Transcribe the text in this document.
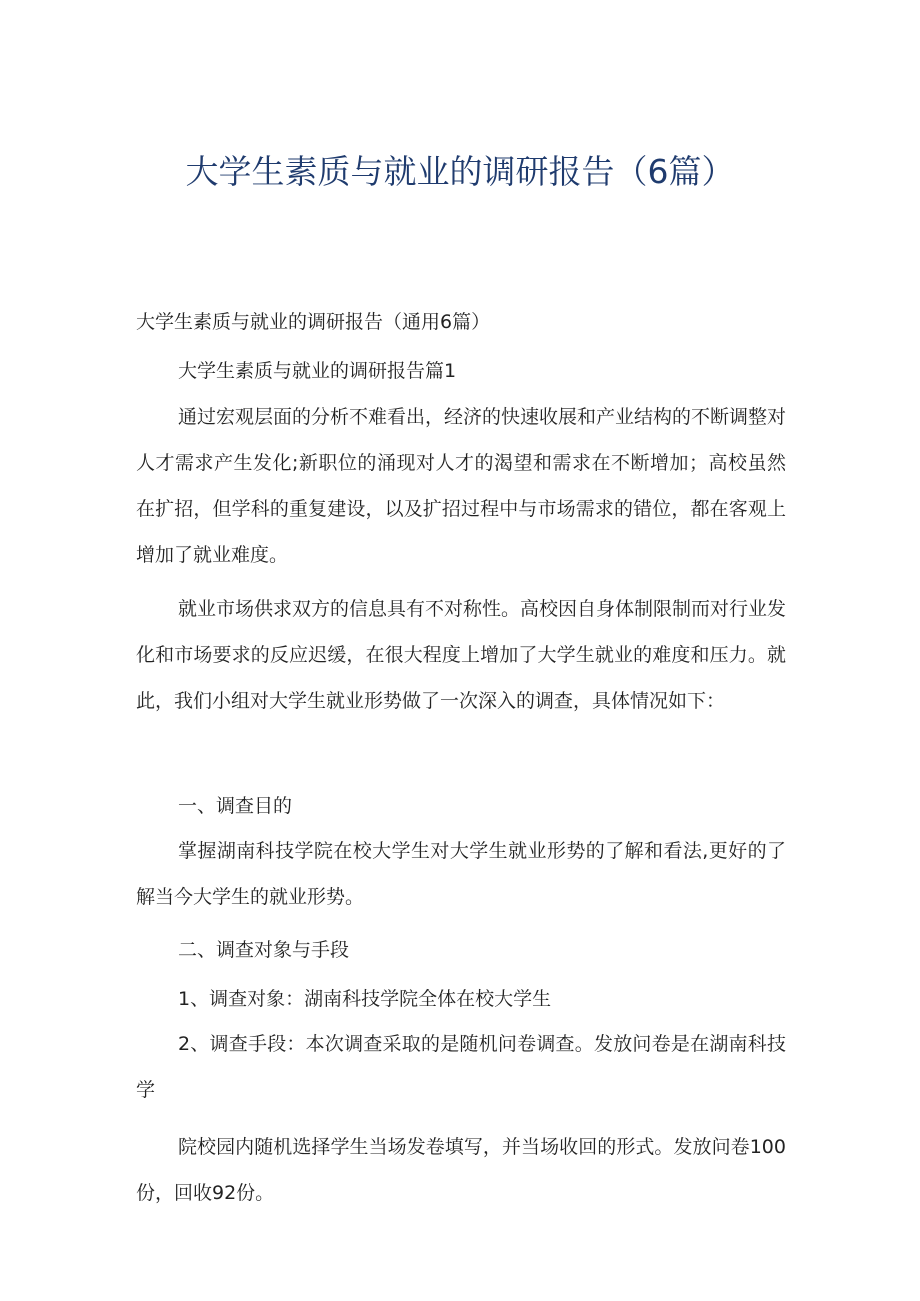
大学生素质与就业的调研报告（6篇）
大学生素质与就业的调研报告（通用6篇）
大学生素质与就业的调研报告篇1
通过宏观层面的分析不难看出，经济的快速收展和产业结构的不断调整对人才需求产生发化;新职位的涌现对人才的渴望和需求在不断增加；高校虽然在扩招，但学科的重复建设，以及扩招过程中与市场需求的错位，都在客观上增加了就业难度。
就业市场供求双方的信息具有不对称性。高校因自身体制限制而对行业发化和市场要求的反应迟缓，在很大程度上增加了大学生就业的难度和压力。就此，我们小组对大学生就业形势做了一次深入的调查，具体情况如下：
一、调查目的
掌握湖南科技学院在校大学生对大学生就业形势的了解和看法,更好的了解当今大学生的就业形势。
二、调查对象与手段
1、调查对象：湖南科技学院全体在校大学生
2、调查手段：本次调查采取的是随机问卷调查。发放问卷是在湖南科技学
院校园内随机选择学生当场发卷填写，并当场收回的形式。发放问卷100份，回收92份。
